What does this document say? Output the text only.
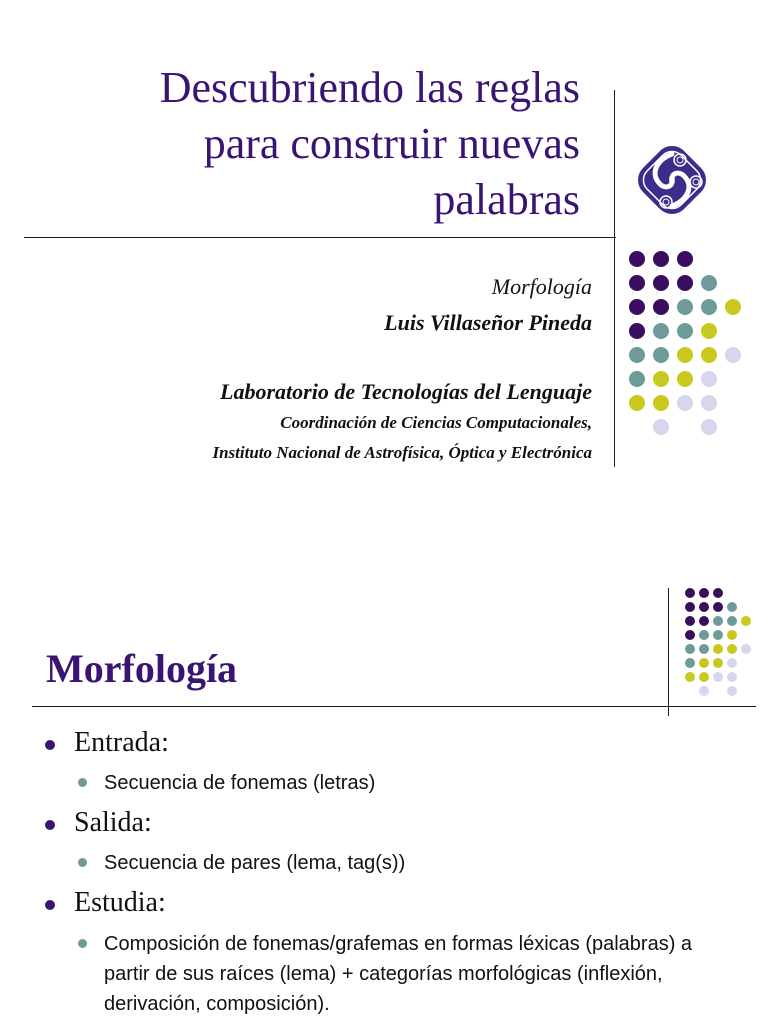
Descubriendo las reglas
para construir nuevas
palabras
Morfología
Luis Villaseñor Pineda
Laboratorio de Tecnologías del Lenguaje
Coordinación de Ciencias Computacionales,
Instituto Nacional de Astrofísica, Óptica y Electrónica
Morfología
Entrada:
Secuencia de fonemas (letras)
Salida:
Secuencia de pares (lema, tag(s))
Estudia:
Composición de fonemas/grafemas en formas léxicas (palabras) a partir de sus raíces (lema) + categorías morfológicas (inflexión, derivación, composición).
